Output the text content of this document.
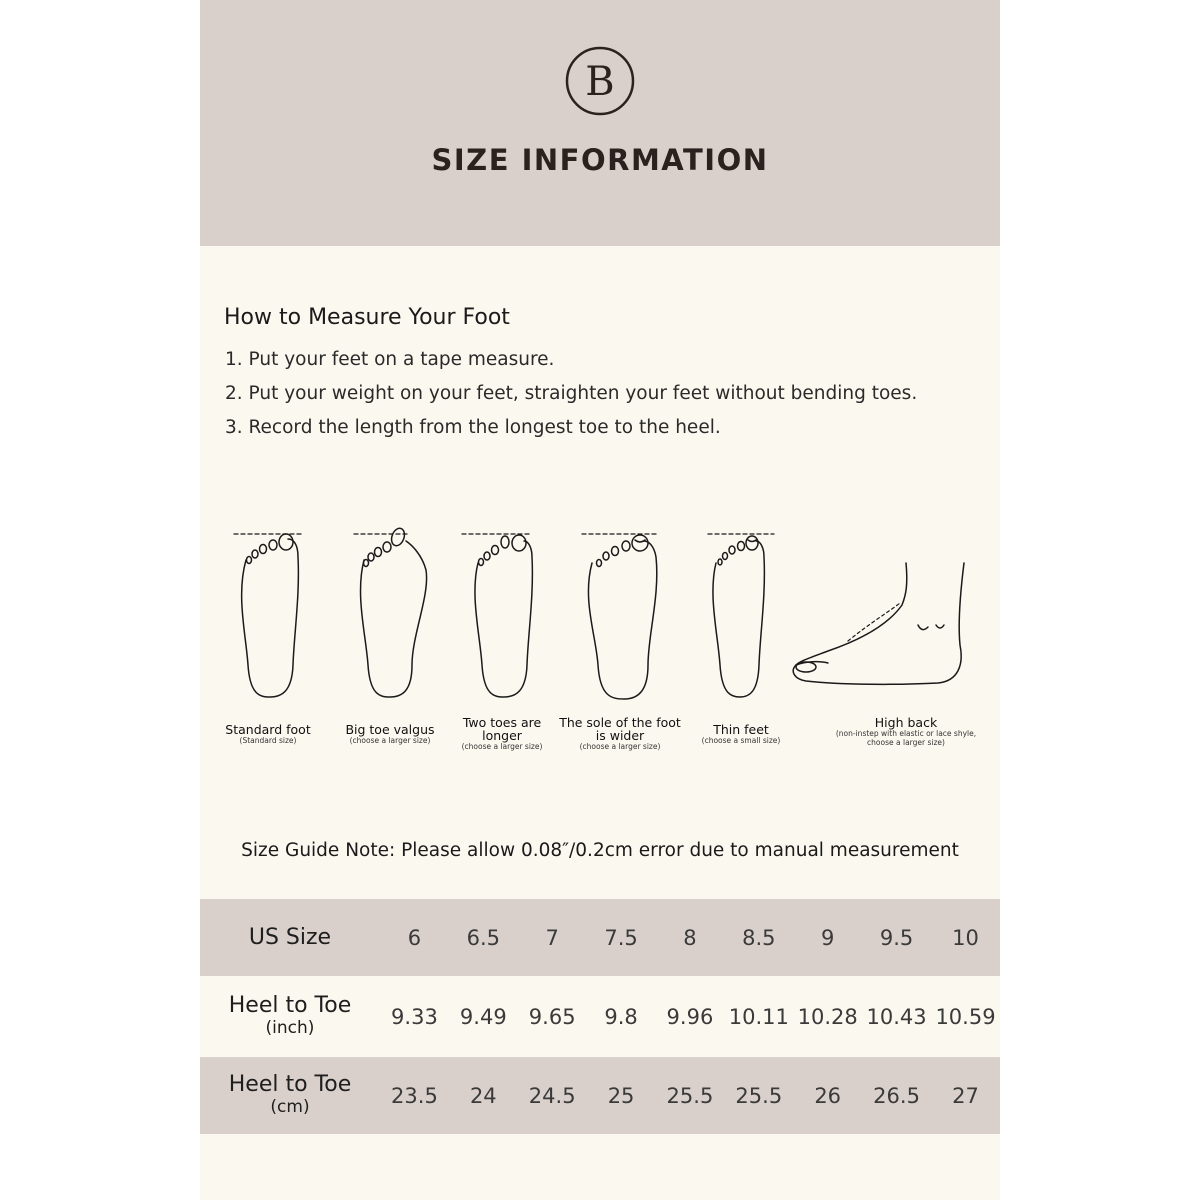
B
SIZE INFORMATION
How to Measure Your Foot
1. Put your feet on a tape measure.
2. Put your weight on your feet, straighten your feet without bending toes.
3. Record the length from the longest toe to the heel.
Standard foot
(Standard size)
Big toe valgus
(choose a larger size)
Two toes are longer
(choose a larger size)
The sole of the foot is wider
(choose a larger size)
Thin feet
(choose a small size)
High back
(non-instep with elastic or lace shyle, choose a larger size)
Size Guide Note: Please allow 0.08″/0.2cm error due to manual measurement
US Size	6	6.5	7	7.5	8	8.5	9	9.5	10
Heel to Toe
(inch)	9.33	9.49	9.65	9.8	9.96	10.11	10.28	10.43	10.59
Heel to Toe
(cm)	23.5	24	24.5	25	25.5	25.5	26	26.5	27
